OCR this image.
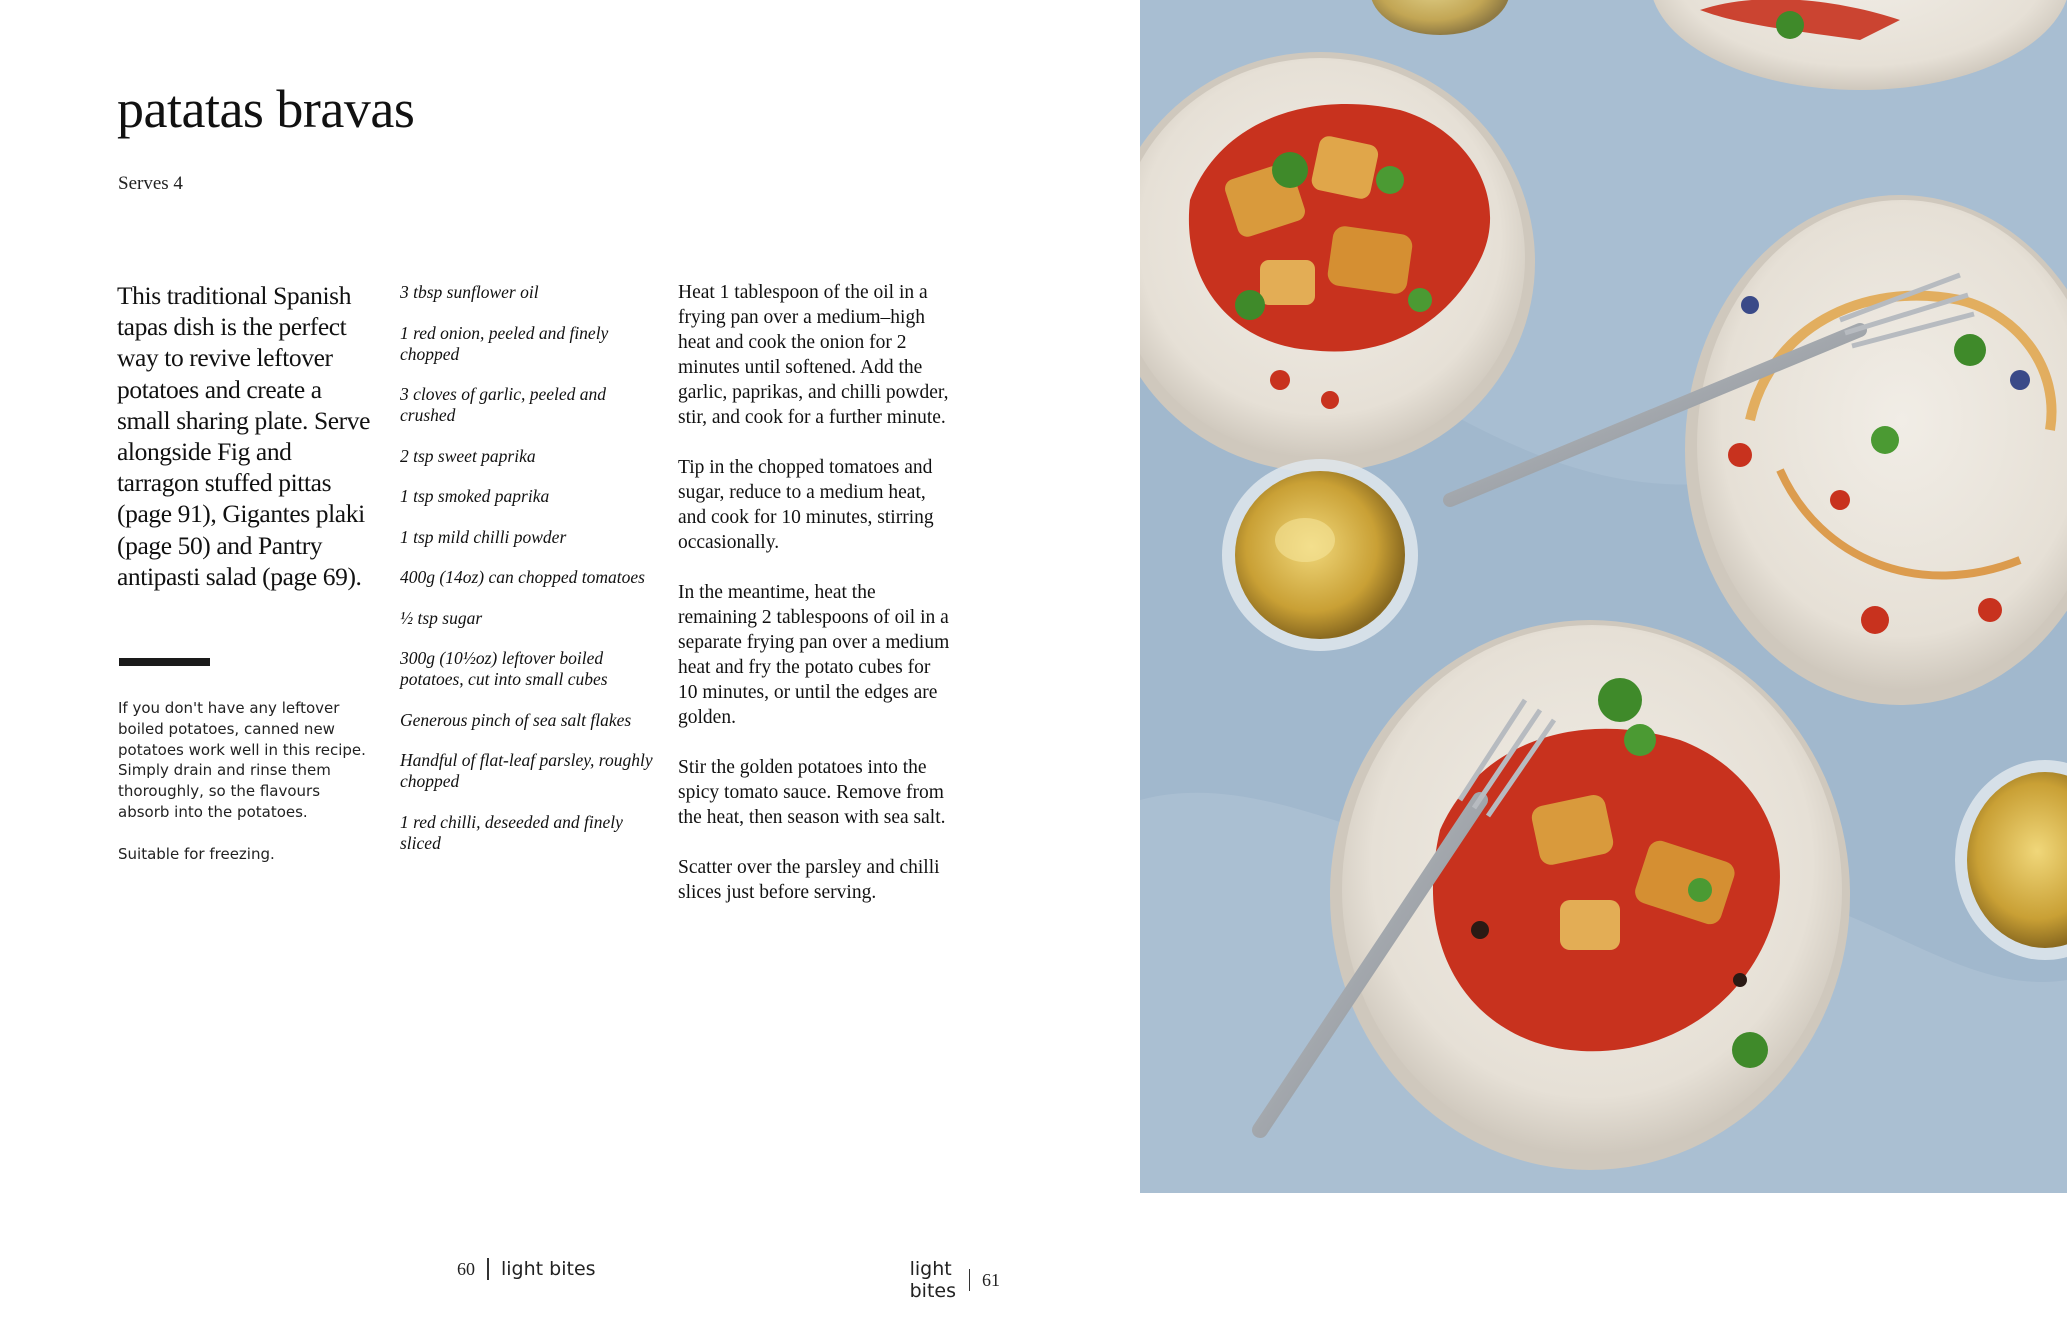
patatas bravas
Serves 4
This traditional Spanish tapas dish is the perfect way to revive leftover potatoes and create a small sharing plate. Serve alongside Fig and tarragon stuffed pittas (page 91), Gigantes plaki (page 50) and Pantry antipasti salad (page 69).

If you don't have any leftover boiled potatoes, canned new potatoes work well in this recipe. Simply drain and rinse them thoroughly, so the flavours absorb into the potatoes.

Suitable for freezing.

3 tbsp sunflower oil
1 red onion, peeled and finely chopped
3 cloves of garlic, peeled and crushed
2 tsp sweet paprika
1 tsp smoked paprika
1 tsp mild chilli powder
400g (14oz) can chopped tomatoes
½ tsp sugar
300g (10½oz) leftover boiled potatoes, cut into small cubes
Generous pinch of sea salt flakes
Handful of flat-leaf parsley, roughly chopped
1 red chilli, deseeded and finely sliced

Heat 1 tablespoon of the oil in a frying pan over a medium–high heat and cook the onion for 2 minutes until softened. Add the garlic, paprikas, and chilli powder, stir, and cook for a further minute.

Tip in the chopped tomatoes and sugar, reduce to a medium heat, and cook for 10 minutes, stirring occasionally.

In the meantime, heat the remaining 2 tablespoons of oil in a separate frying pan over a medium heat and fry the potato cubes for 10 minutes, or until the edges are golden.

Stir the golden potatoes into the spicy tomato sauce. Remove from the heat, then season with sea salt.

Scatter over the parsley and chilli slices just before serving.

60 light bites	light bites
61
